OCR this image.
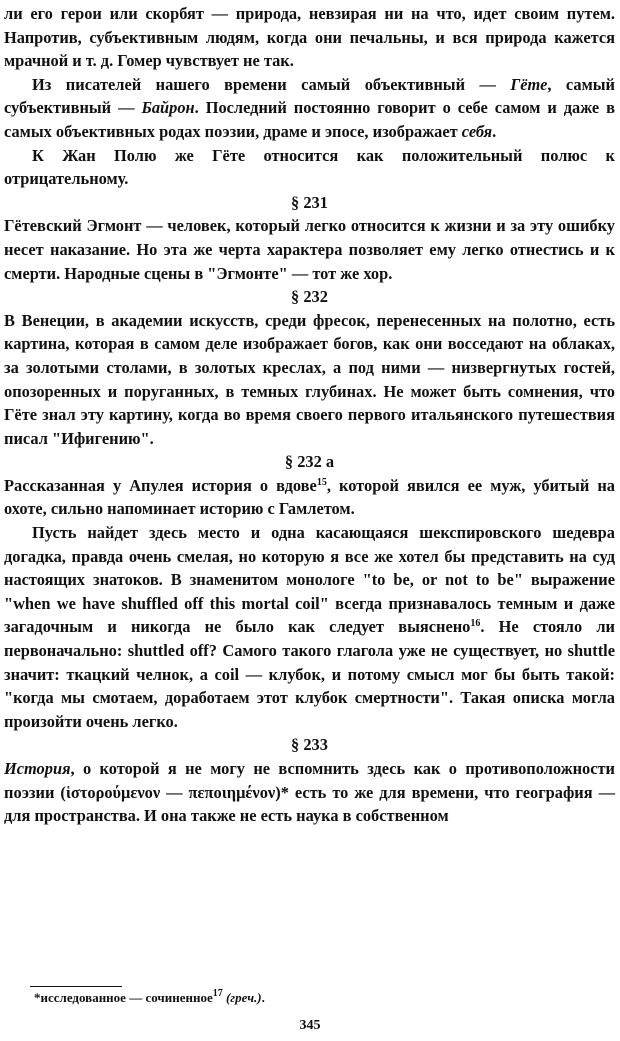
ли его герои или скорбят — природа, невзирая ни на что, идет своим путем. Напротив, субъективным людям, когда они печальны, и вся природа кажется мрачной и т. д. Гомер чувствует не так.

Из писателей нашего времени самый объективный — Гёте, самый субъективный — Байрон. Последний постоянно говорит о себе самом и даже в самых объективных родах поэзии, драме и эпосе, изображает себя.

К Жан Полю же Гёте относится как положительный полюс к отрицательному.

§ 231

Гётевский Эгмонт — человек, который легко относится к жизни и за эту ошибку несет наказание. Но эта же черта характера позволяет ему легко отнестись и к смерти. Народные сцены в "Эгмонте" — тот же хор.

§ 232

В Венеции, в академии искусств, среди фресок, перенесенных на полотно, есть картина, которая в самом деле изображает богов, как они восседают на облаках, за золотыми столами, в золотых креслах, а под ними — низвергнутых гостей, опозоренных и поруганных, в темных глубинах. Не может быть сомнения, что Гёте знал эту картину, когда во время своего первого итальянского путешествия писал "Ифигению".

§ 232 а

Рассказанная у Апулея история о вдове$^{15}$, которой явился ее муж, убитый на охоте, сильно напоминает историю с Гамлетом.

Пусть найдет здесь место и одна касающаяся шекспировского шедевра догадка, правда очень смелая, но которую я все же хотел бы представить на суд настоящих знатоков. В знаменитом монологе "to be, or not to be" выражение "when we have shuffled off this mortal coil" всегда признавалось темным и даже загадочным и никогда не было как следует выяснено$^{16}$. Не стояло ли первоначально: shuttled off? Самого такого глагола уже не существует, но shuttle значит: ткацкий челнок, а coil — клубок, и потому смысл мог бы быть такой: "когда мы смотаем, доработаем этот клубок смертности". Такая описка могла произойти очень легко.

§ 233

История, о которой я не могу не вспомнить здесь как о противоположности поэзии (ἱστορούμενον — πεποιημένον)* есть то же для времени, что география — для пространства. И она также не есть наука в собственном

*исследованное — сочиненное$^{17}$ (греч.).
345
